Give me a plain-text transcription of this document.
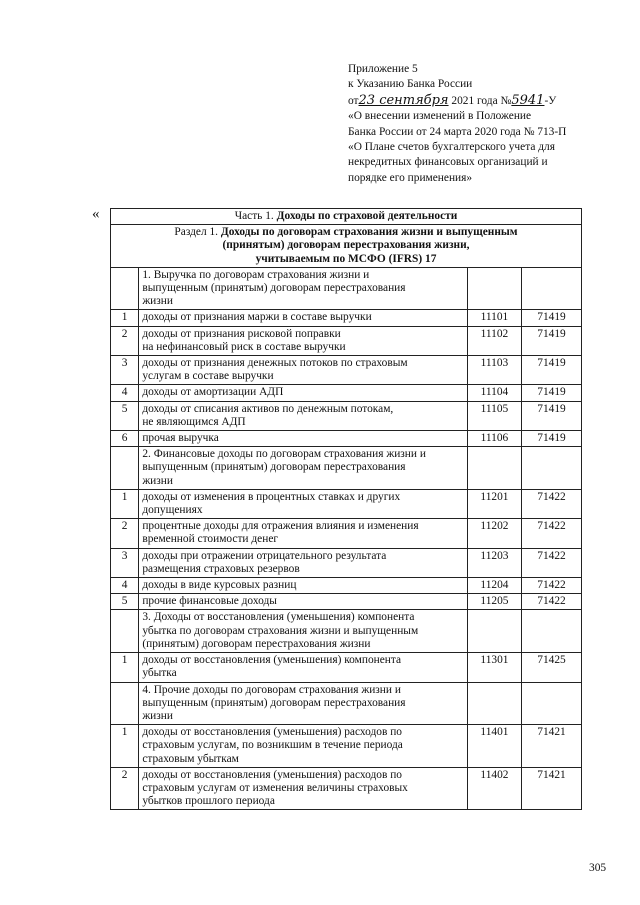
Приложение 5
к Указанию Банка России
от23 сентября 2021 года №5941-У
«О внесении изменений в Положение
Банка России от 24 марта 2020 года № 713-П
«О Плане счетов бухгалтерского учета для
некредитных финансовых организаций и
порядке его применения»
«	Часть 1. Доходы по страховой деятельности			
Раздел 1. Доходы по договорам страхования жизни и выпущенным
(принятым) договорам перестрахования жизни,
учитываемым по МСФО (IFRS) 17			
	1. Выручка по договорам страхования жизни и
выпущенным (принятым) договорам перестрахования
жизни		
1	доходы от признания маржи в составе выручки	11101	71419
2	доходы от признания рисковой поправки
на нефинансовый риск в составе выручки	11102	71419
3	доходы от признания денежных потоков по страховым
услугам в составе выручки	11103	71419
4	доходы от амортизации АДП	11104	71419
5	доходы от списания активов по денежным потокам,
не являющимся АДП	11105	71419
6	прочая выручка	11106	71419
	2. Финансовые доходы по договорам страхования жизни и
выпущенным (принятым) договорам перестрахования
жизни		
1	доходы от изменения в процентных ставках и других
допущениях	11201	71422
2	процентные доходы для отражения влияния и изменения
временной стоимости денег	11202	71422
3	доходы при отражении отрицательного результата
размещения страховых резервов	11203	71422
4	доходы в виде курсовых разниц	11204	71422
5	прочие финансовые доходы	11205	71422
	3. Доходы от восстановления (уменьшения) компонента
убытка по договорам страхования жизни и выпущенным
(принятым) договорам перестрахования жизни		
1	доходы от восстановления (уменьшения) компонента
убытка	11301	71425
	4. Прочие доходы по договорам страхования жизни и
выпущенным (принятым) договорам перестрахования
жизни		
1	доходы от восстановления (уменьшения) расходов по
страховым услугам, по возникшим в течение периода
страховым убыткам	11401	71421
2	доходы от восстановления (уменьшения) расходов по
страховым услугам от изменения величины страховых
убытков прошлого периода	11402	71421
305
